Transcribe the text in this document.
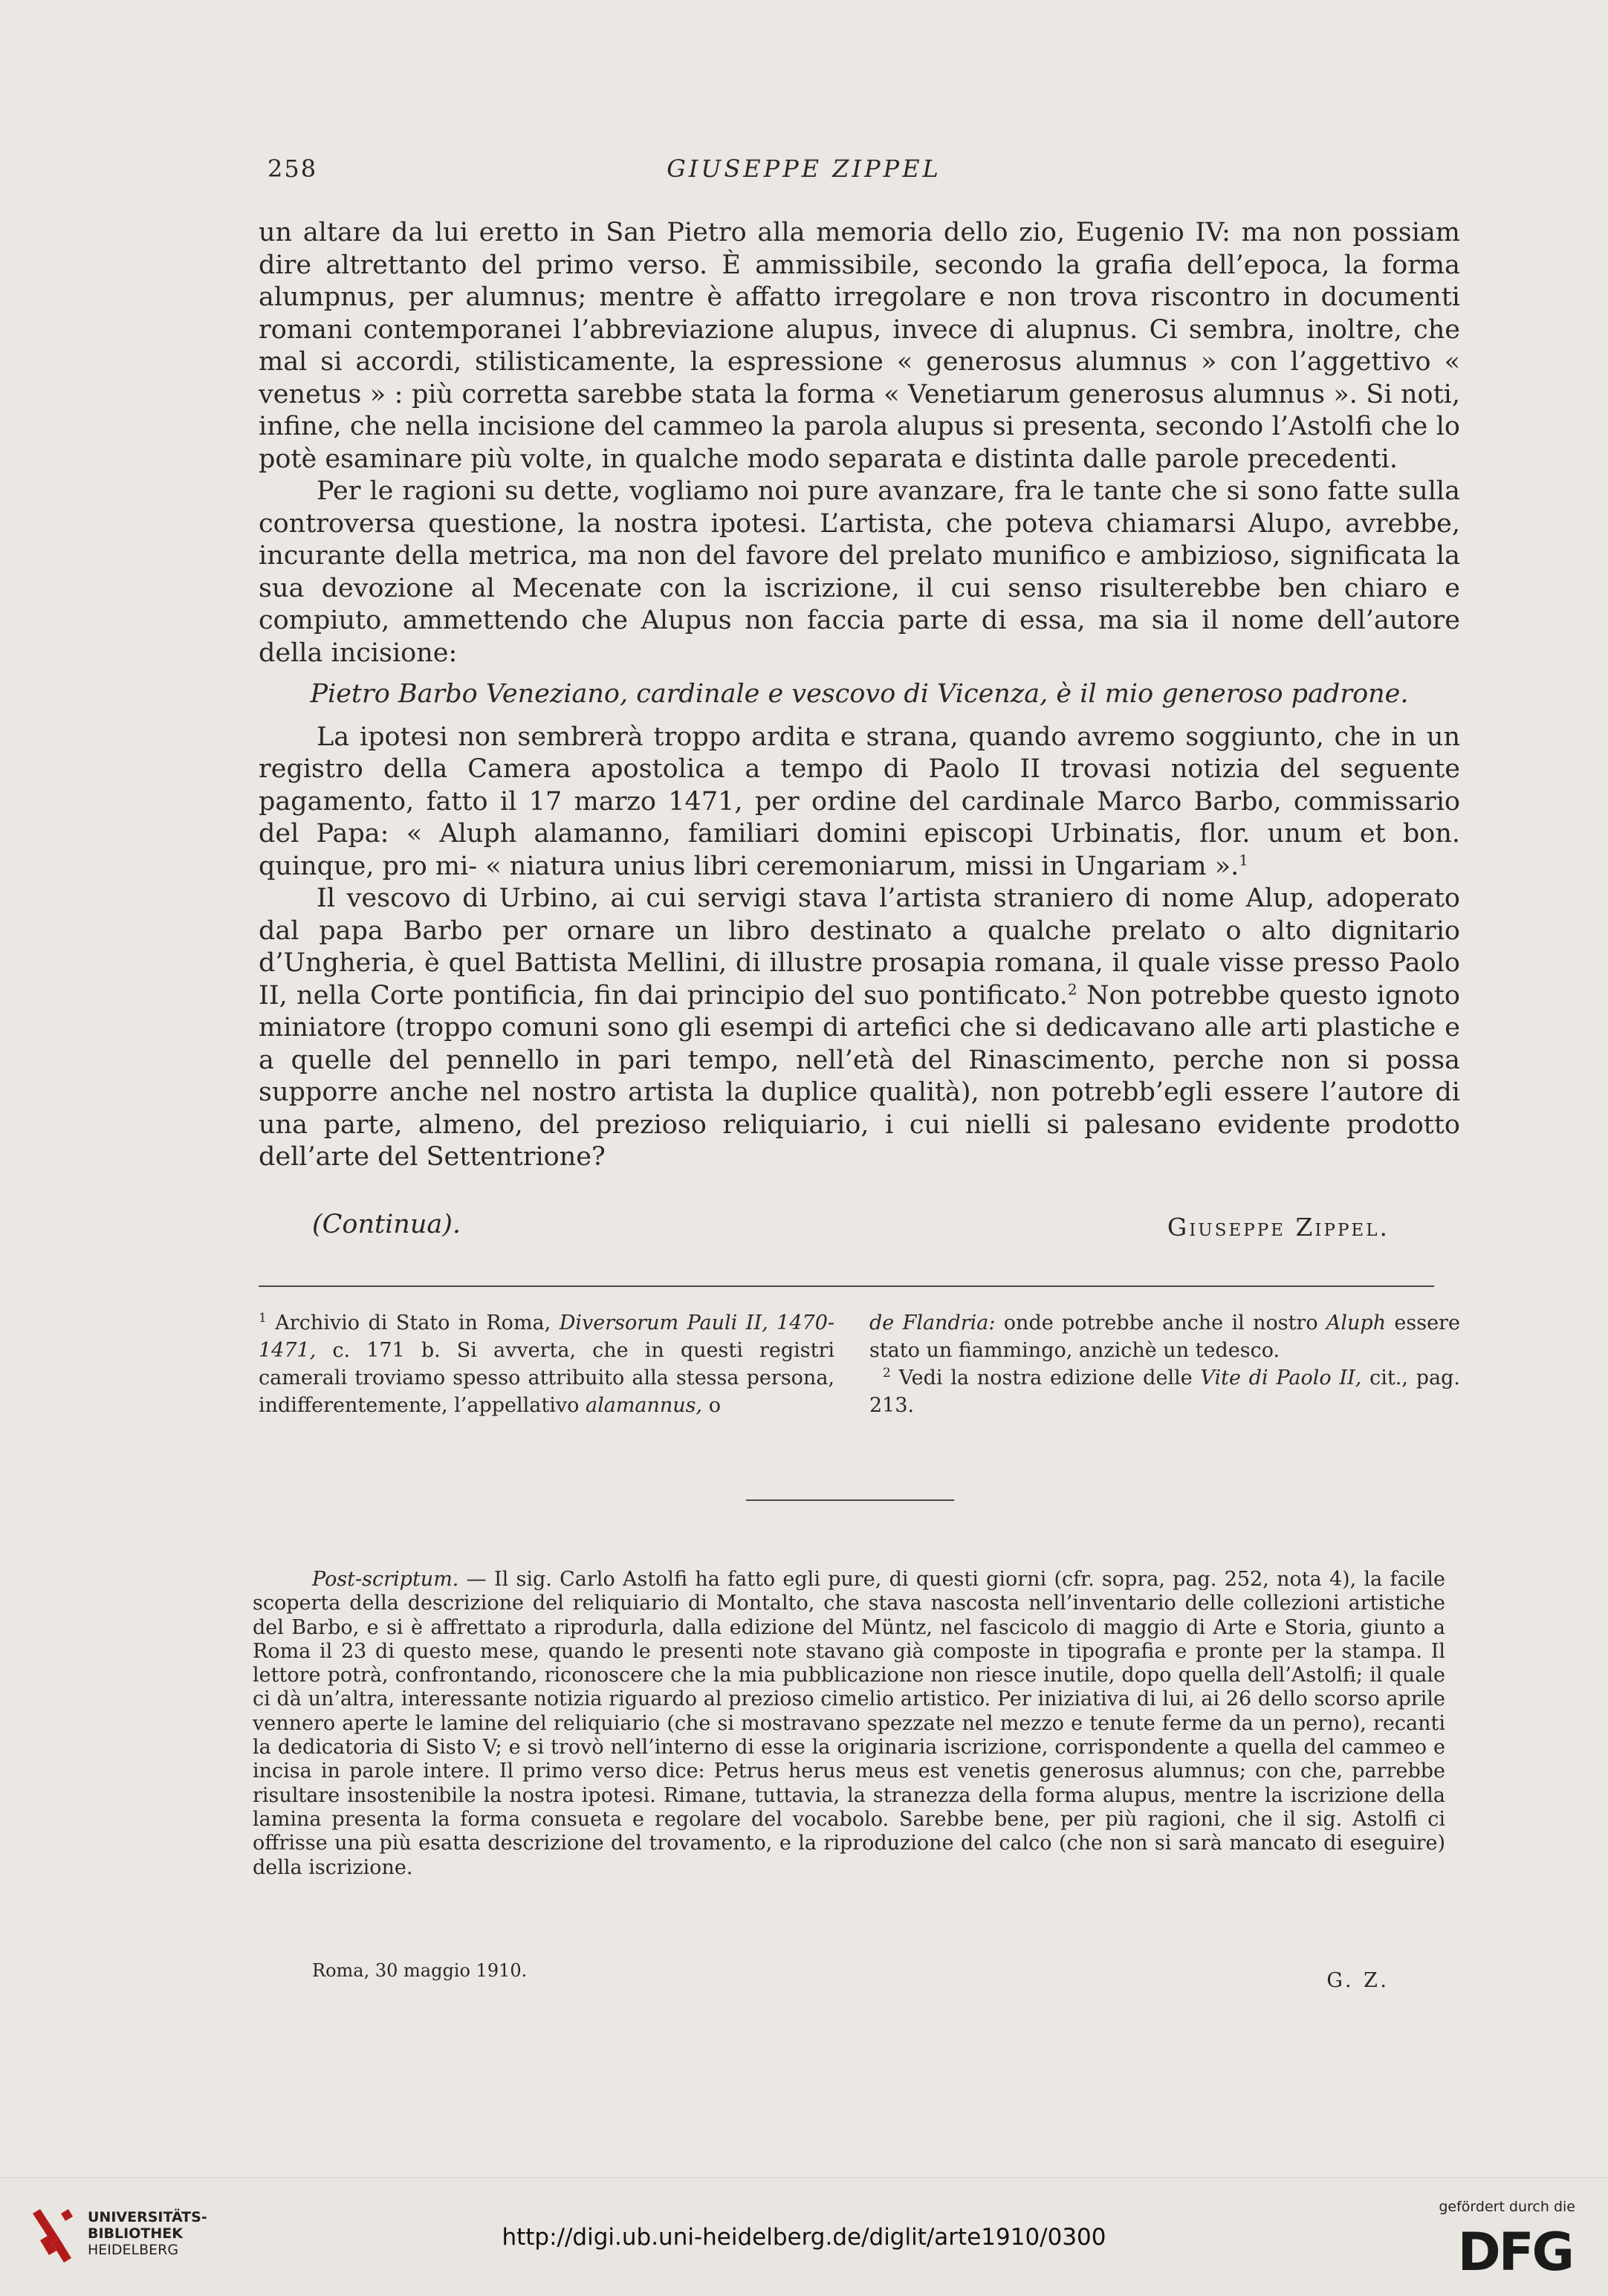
258	GIUSEPPE ZIPPEL

un altare da lui eretto in San Pietro alla memoria dello zio, Eugenio IV: ma non possiam dire altrettanto del primo verso. È ammissibile, secondo la grafia dell’epoca, la forma alumpnus, per alumnus; mentre è affatto irregolare e non trova riscontro in documenti romani contemporanei l’abbreviazione alupus, invece di alupnus. Ci sembra, inoltre, che mal si accordi, stilisticamente, la espressione « generosus alumnus » con l’aggettivo « venetus » : più corretta sarebbe stata la forma « Venetiarum generosus alumnus ». Si noti, infine, che nella incisione del cammeo la parola alupus si presenta, secondo l’Astolfi che lo potè esaminare più volte, in qualche modo separata e distinta dalle parole precedenti.

Per le ragioni su dette, vogliamo noi pure avanzare, fra le tante che si sono fatte sulla controversa questione, la nostra ipotesi. L’artista, che poteva chiamarsi Alupo, avrebbe, incurante della metrica, ma non del favore del prelato munifico e ambizioso, significata la sua devozione al Mecenate con la iscrizione, il cui senso risulterebbe ben chiaro e compiuto, ammettendo che Alupus non faccia parte di essa, ma sia il nome dell’autore della incisione:

Pietro Barbo Veneziano, cardinale e vescovo di Vicenza, è il mio generoso padrone.

La ipotesi non sembrerà troppo ardita e strana, quando avremo soggiunto, che in un registro della Camera apostolica a tempo di Paolo II trovasi notizia del seguente pagamento, fatto il 17 marzo 1471, per ordine del cardinale Marco Barbo, commissario del Papa: « Aluph alamanno, familiari domini episcopi Urbinatis, flor. unum et bon. quinque, pro mi- « niatura unius libri ceremoniarum, missi in Ungariam ».$^1$

Il vescovo di Urbino, ai cui servigi stava l’artista straniero di nome Alup, adoperato dal papa Barbo per ornare un libro destinato a qualche prelato o alto dignitario d’Ungheria, è quel Battista Mellini, di illustre prosapia romana, il quale visse presso Paolo II, nella Corte pontificia, fin dai principio del suo pontificato.$^2$ Non potrebbe questo ignoto miniatore (troppo comuni sono gli esempi di artefici che si dedicavano alle arti plastiche e a quelle del pennello in pari tempo, nell’età del Rinascimento, perche non si possa supporre anche nel nostro artista la duplice qualità), non potrebb’egli essere l’autore di una parte, almeno, del prezioso reliquiario, i cui nielli si palesano evidente prodotto dell’arte del Settentrione?

(Continua).	Giuseppe Zippel.

$^1$ Archivio di Stato in Roma, Diversorum Pauli II, 1470-1471, c. 171 b. Si avverta, che in questi registri camerali troviamo spesso attribuito alla stessa persona, indifferentemente, l’appellativo alamannus, o

de Flandria: onde potrebbe anche il nostro Aluph essere stato un fiammingo, anzichè un tedesco.

$^2$ Vedi la nostra edizione delle Vite di Paolo II, cit., pag. 213.

Post-scriptum. — Il sig. Carlo Astolfi ha fatto egli pure, di questi giorni (cfr. sopra, pag. 252, nota 4), la facile scoperta della descrizione del reliquiario di Montalto, che stava nascosta nell’inventario delle collezioni artistiche del Barbo, e si è affrettato a riprodurla, dalla edizione del Müntz, nel fascicolo di maggio di Arte e Storia, giunto a Roma il 23 di questo mese, quando le presenti note stavano già composte in tipografia e pronte per la stampa. Il lettore potrà, confrontando, riconoscere che la mia pubblicazione non riesce inutile, dopo quella dell’Astolfi; il quale ci dà un’altra, interessante notizia riguardo al prezioso cimelio artistico. Per iniziativa di lui, ai 26 dello scorso aprile vennero aperte le lamine del reliquiario (che si mostravano spezzate nel mezzo e tenute ferme da un perno), recanti la dedicatoria di Sisto V; e si trovò nell’interno di esse la originaria iscrizione, corrispondente a quella del cammeo e incisa in parole intere. Il primo verso dice: Petrus herus meus est venetis generosus alumnus; con che, parrebbe risultare insostenibile la nostra ipotesi. Rimane, tuttavia, la stranezza della forma alupus, mentre la iscrizione della lamina presenta la forma consueta e regolare del vocabolo. Sarebbe bene, per più ragioni, che il sig. Astolfi ci offrisse una più esatta descrizione del trovamento, e la riproduzione del calco (che non si sarà mancato di eseguire) della iscrizione.

Roma, 30 maggio 1910.	G. Z.
UNIVERSITÄTS-
BIBLIOTHEK
HEIDELBERG	http://digi.ub.uni-heidelberg.de/diglit/arte1910/0300
gefördert durch die
DFG
